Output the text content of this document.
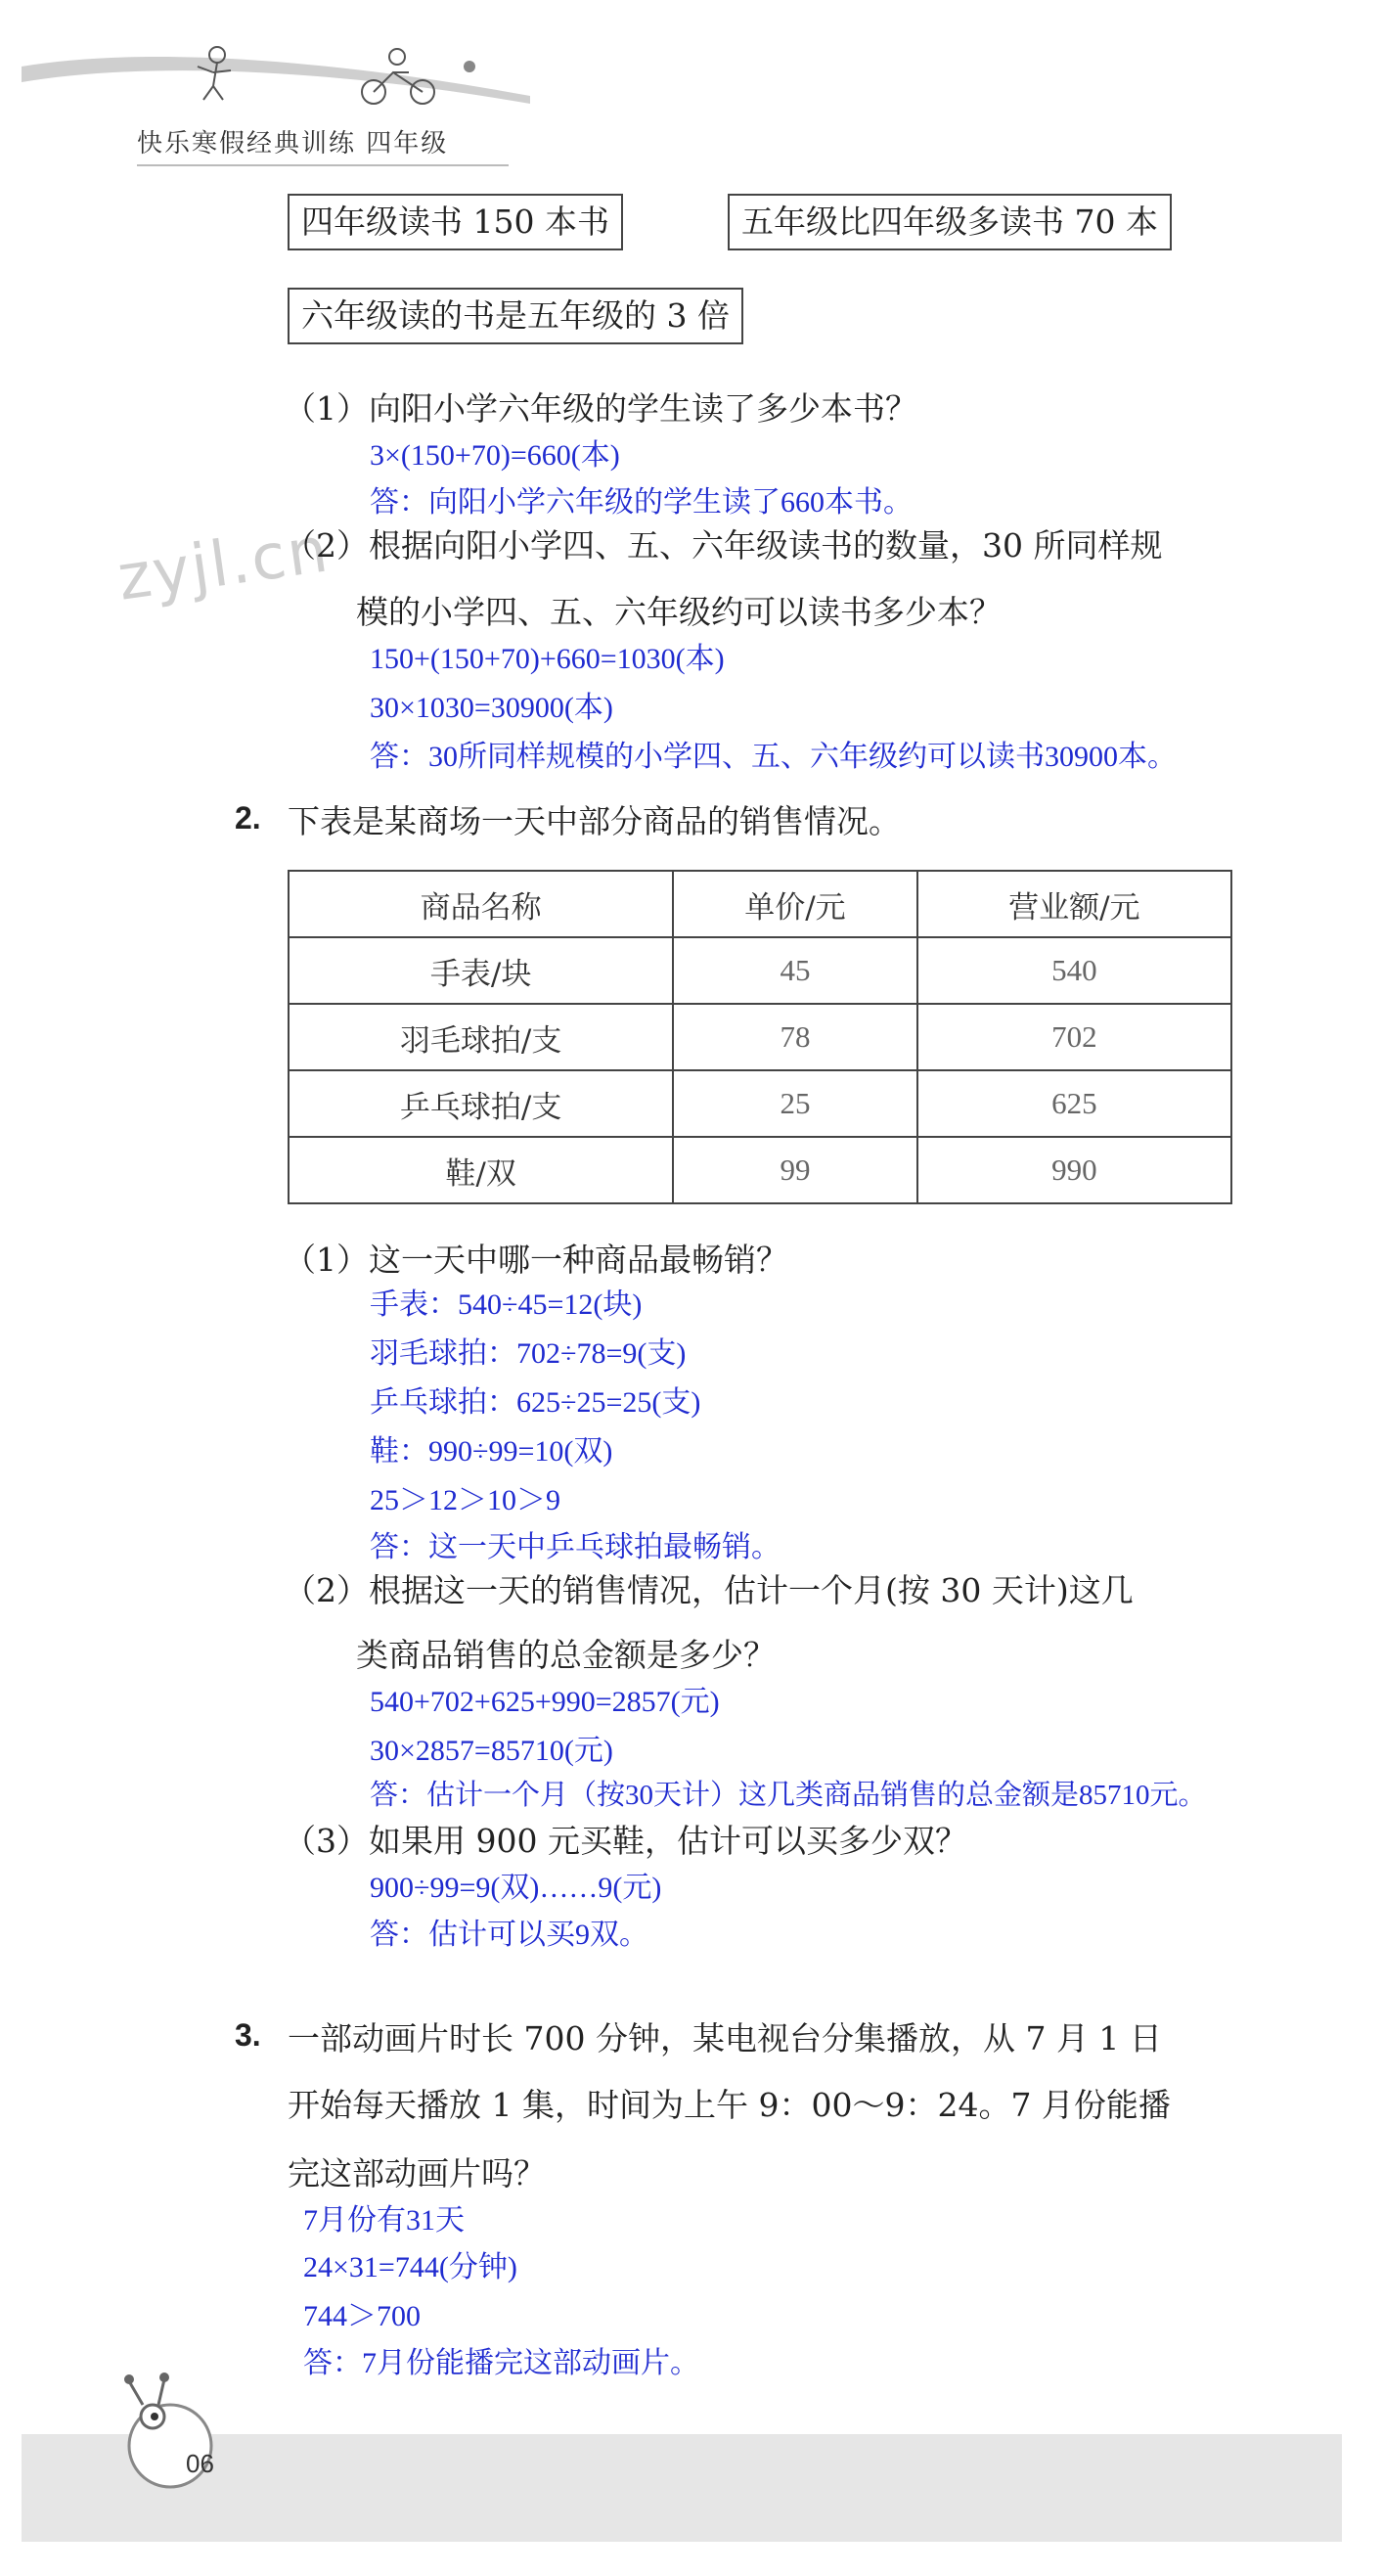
快乐寒假经典训练 四年级
zyjl.cn
四年级读书 150 本书	五年级比四年级多读书 70 本
六年级读的书是五年级的 3 倍
（1）向阳小学六年级的学生读了多少本书？
3×(150+70)=660(本)
答：向阳小学六年级的学生读了660本书。
（2）根据向阳小学四、五、六年级读书的数量，30 所同样规
模的小学四、五、六年级约可以读书多少本？
150+(150+70)+660=1030(本)
30×1030=30900(本)
答：30所同样规模的小学四、五、六年级约可以读书30900本。
2. 下表是某商场一天中部分商品的销售情况。
商品名称	单价/元	营业额/元
手表/块	45	540
羽毛球拍/支	78	702
乒乓球拍/支	25	625
鞋/双	99	990
（1）这一天中哪一种商品最畅销？
手表：540÷45=12(块)
羽毛球拍：702÷78=9(支)
乒乓球拍：625÷25=25(支)
鞋：990÷99=10(双)
25＞12＞10＞9
答：这一天中乒乓球拍最畅销。
（2）根据这一天的销售情况，估计一个月(按 30 天计)这几
类商品销售的总金额是多少？
540+702+625+990=2857(元)
30×2857=85710(元)
答：估计一个月（按30天计）这几类商品销售的总金额是85710元。
（3）如果用 900 元买鞋，估计可以买多少双？
900÷99=9(双)……9(元)
答：估计可以买9双。
3. 一部动画片时长 700 分钟，某电视台分集播放，从 7 月 1 日
开始每天播放 1 集，时间为上午 9：00～9：24。7 月份能播
完这部动画片吗？
7月份有31天
24×31=744(分钟)
744＞700
答：7月份能播完这部动画片。
06
